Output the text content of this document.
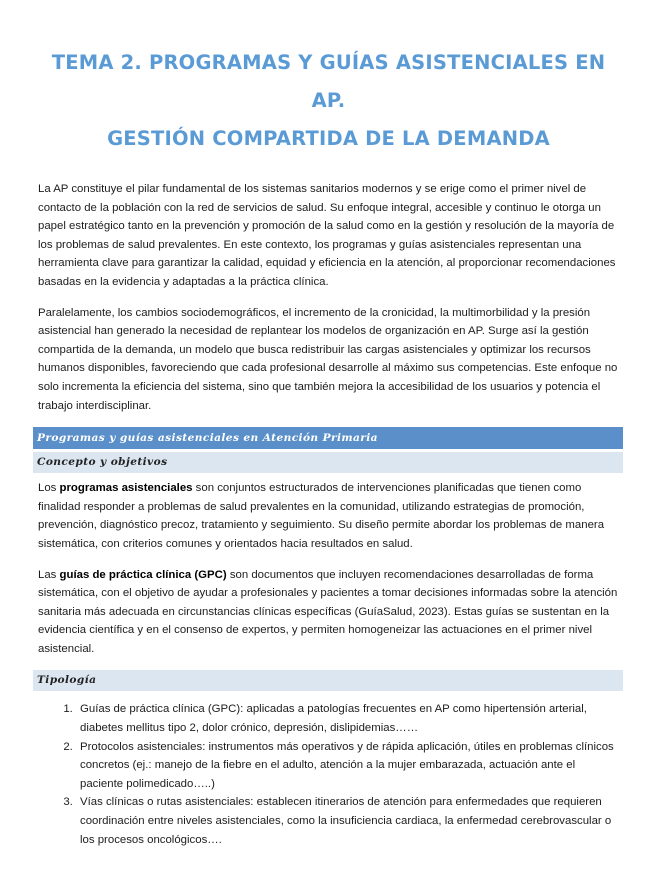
TEMA 2. PROGRAMAS Y GUÍAS ASISTENCIALES EN AP.
GESTIÓN COMPARTIDA DE LA DEMANDA

La AP constituye el pilar fundamental de los sistemas sanitarios modernos y se erige como el primer nivel de contacto de la población con la red de servicios de salud. Su enfoque integral, accesible y continuo le otorga un papel estratégico tanto en la prevención y promoción de la salud como en la gestión y resolución de la mayoría de los problemas de salud prevalentes. En este contexto, los programas y guías asistenciales representan una herramienta clave para garantizar la calidad, equidad y eficiencia en la atención, al proporcionar recomendaciones basadas en la evidencia y adaptadas a la práctica clínica.

Paralelamente, los cambios sociodemográficos, el incremento de la cronicidad, la multimorbilidad y la presión asistencial han generado la necesidad de replantear los modelos de organización en AP. Surge así la gestión compartida de la demanda, un modelo que busca redistribuir las cargas asistenciales y optimizar los recursos humanos disponibles, favoreciendo que cada profesional desarrolle al máximo sus competencias. Este enfoque no solo incrementa la eficiencia del sistema, sino que también mejora la accesibilidad de los usuarios y potencia el trabajo interdisciplinar.

Programas y guías asistenciales en Atención Primaria
Concepto y objetivos

Los programas asistenciales son conjuntos estructurados de intervenciones planificadas que tienen como finalidad responder a problemas de salud prevalentes en la comunidad, utilizando estrategias de promoción, prevención, diagnóstico precoz, tratamiento y seguimiento. Su diseño permite abordar los problemas de manera sistemática, con criterios comunes y orientados hacia resultados en salud.

Las guías de práctica clínica (GPC) son documentos que incluyen recomendaciones desarrolladas de forma sistemática, con el objetivo de ayudar a profesionales y pacientes a tomar decisiones informadas sobre la atención sanitaria más adecuada en circunstancias clínicas específicas (GuíaSalud, 2023). Estas guías se sustentan en la evidencia científica y en el consenso de expertos, y permiten homogeneizar las actuaciones en el primer nivel asistencial.

Tipología
1. Guías de práctica clínica (GPC): aplicadas a patologías frecuentes en AP como hipertensión arterial, diabetes mellitus tipo 2, dolor crónico, depresión, dislipidemias……
2. Protocolos asistenciales: instrumentos más operativos y de rápida aplicación, útiles en problemas clínicos concretos (ej.: manejo de la fiebre en el adulto, atención a la mujer embarazada, actuación ante el paciente polimedicado…..)
3. Vías clínicas o rutas asistenciales: establecen itinerarios de atención para enfermedades que requieren coordinación entre niveles asistenciales, como la insuficiencia cardiaca, la enfermedad cerebrovascular o los procesos oncológicos….
